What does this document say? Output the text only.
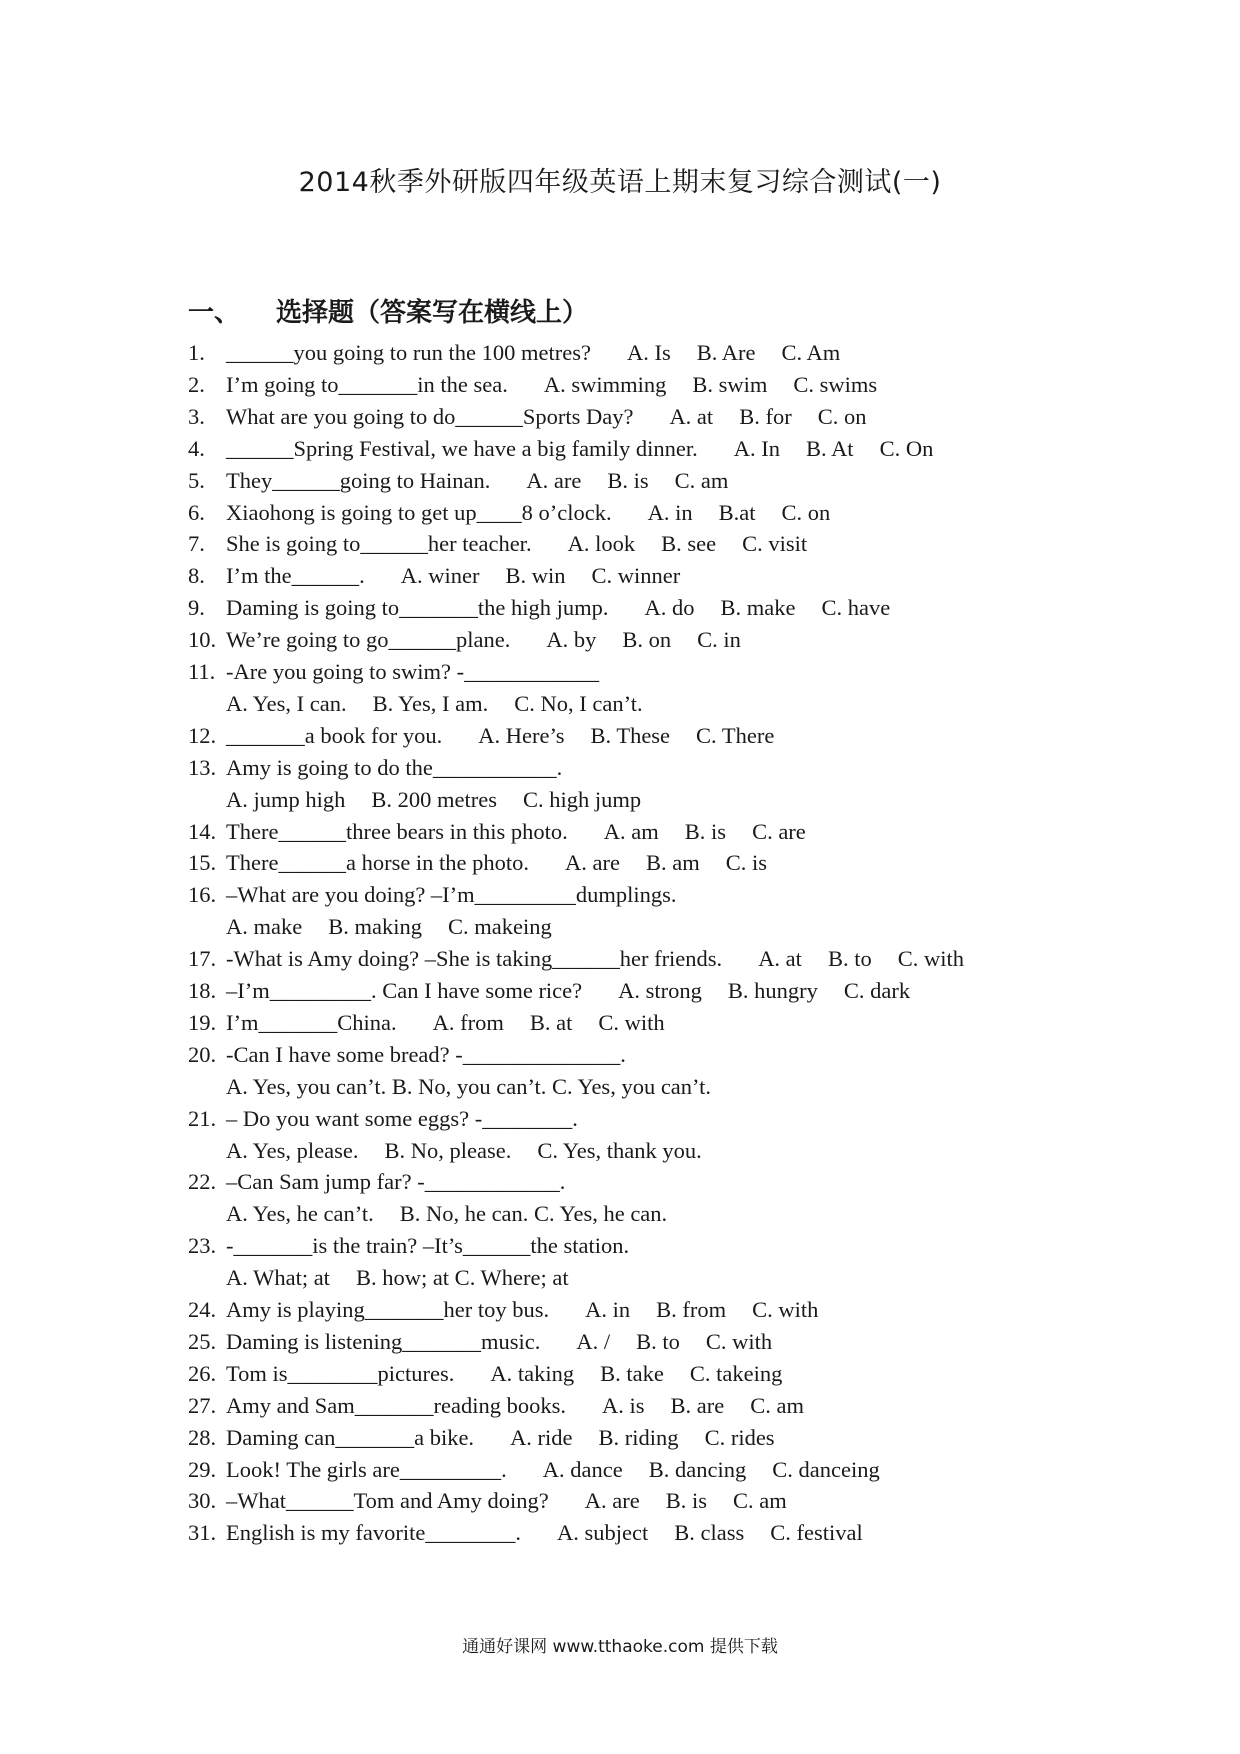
2014秋季外研版四年级英语上期末复习综合测试(一)
一、 选择题（答案写在横线上）
1. ______you going to run the 100 metres? A. Is B. Are C. Am
2. I’m going to_______in the sea. A. swimming B. swim C. swims
3. What are you going to do______Sports Day? A. at B. for C. on
4. ______Spring Festival, we have a big family dinner. A. In B. At C. On
5. They______going to Hainan. A. are B. is C. am
6. Xiaohong is going to get up____8 o’clock. A. in B.at C. on
7. She is going to______her teacher. A. look B. see C. visit
8. I’m the______. A. winer B. win C. winner
9. Daming is going to_______the high jump. A. do B. make C. have
10. We’re going to go______plane. A. by B. on C. in
11. -Are you going to swim? -____________
A. Yes, I can. B. Yes, I am. C. No, I can’t.
12. _______a book for you. A. Here’s B. These C. There
13. Amy is going to do the___________.
A. jump high B. 200 metres C. high jump
14. There______three bears in this photo. A. am B. is C. are
15. There______a horse in the photo. A. are B. am C. is
16. –What are you doing? –I’m_________dumplings.
A. make B. making C. makeing
17. -What is Amy doing? –She is taking______her friends. A. at B. to C. with
18. –I’m_________. Can I have some rice? A. strong B. hungry C. dark
19. I’m_______China. A. from B. at C. with
20. -Can I have some bread? -______________.
A. Yes, you can’t. B. No, you can’t. C. Yes, you can’t.
21. – Do you want some eggs? -________.
A. Yes, please. B. No, please. C. Yes, thank you.
22. –Can Sam jump far? -____________.
A. Yes, he can’t. B. No, he can. C. Yes, he can.
23. -_______is the train? –It’s______the station.
A. What; at B. how; at C. Where; at
24. Amy is playing_______her toy bus. A. in B. from C. with
25. Daming is listening_______music. A. / B. to C. with
26. Tom is________pictures. A. taking B. take C. takeing
27. Amy and Sam_______reading books. A. is B. are C. am
28. Daming can_______a bike. A. ride B. riding C. rides
29. Look! The girls are_________. A. dance B. dancing C. danceing
30. –What______Tom and Amy doing? A. are B. is C. am
31. English is my favorite________. A. subject B. class C. festival
通通好课网 www.tthaoke.com 提供下载
